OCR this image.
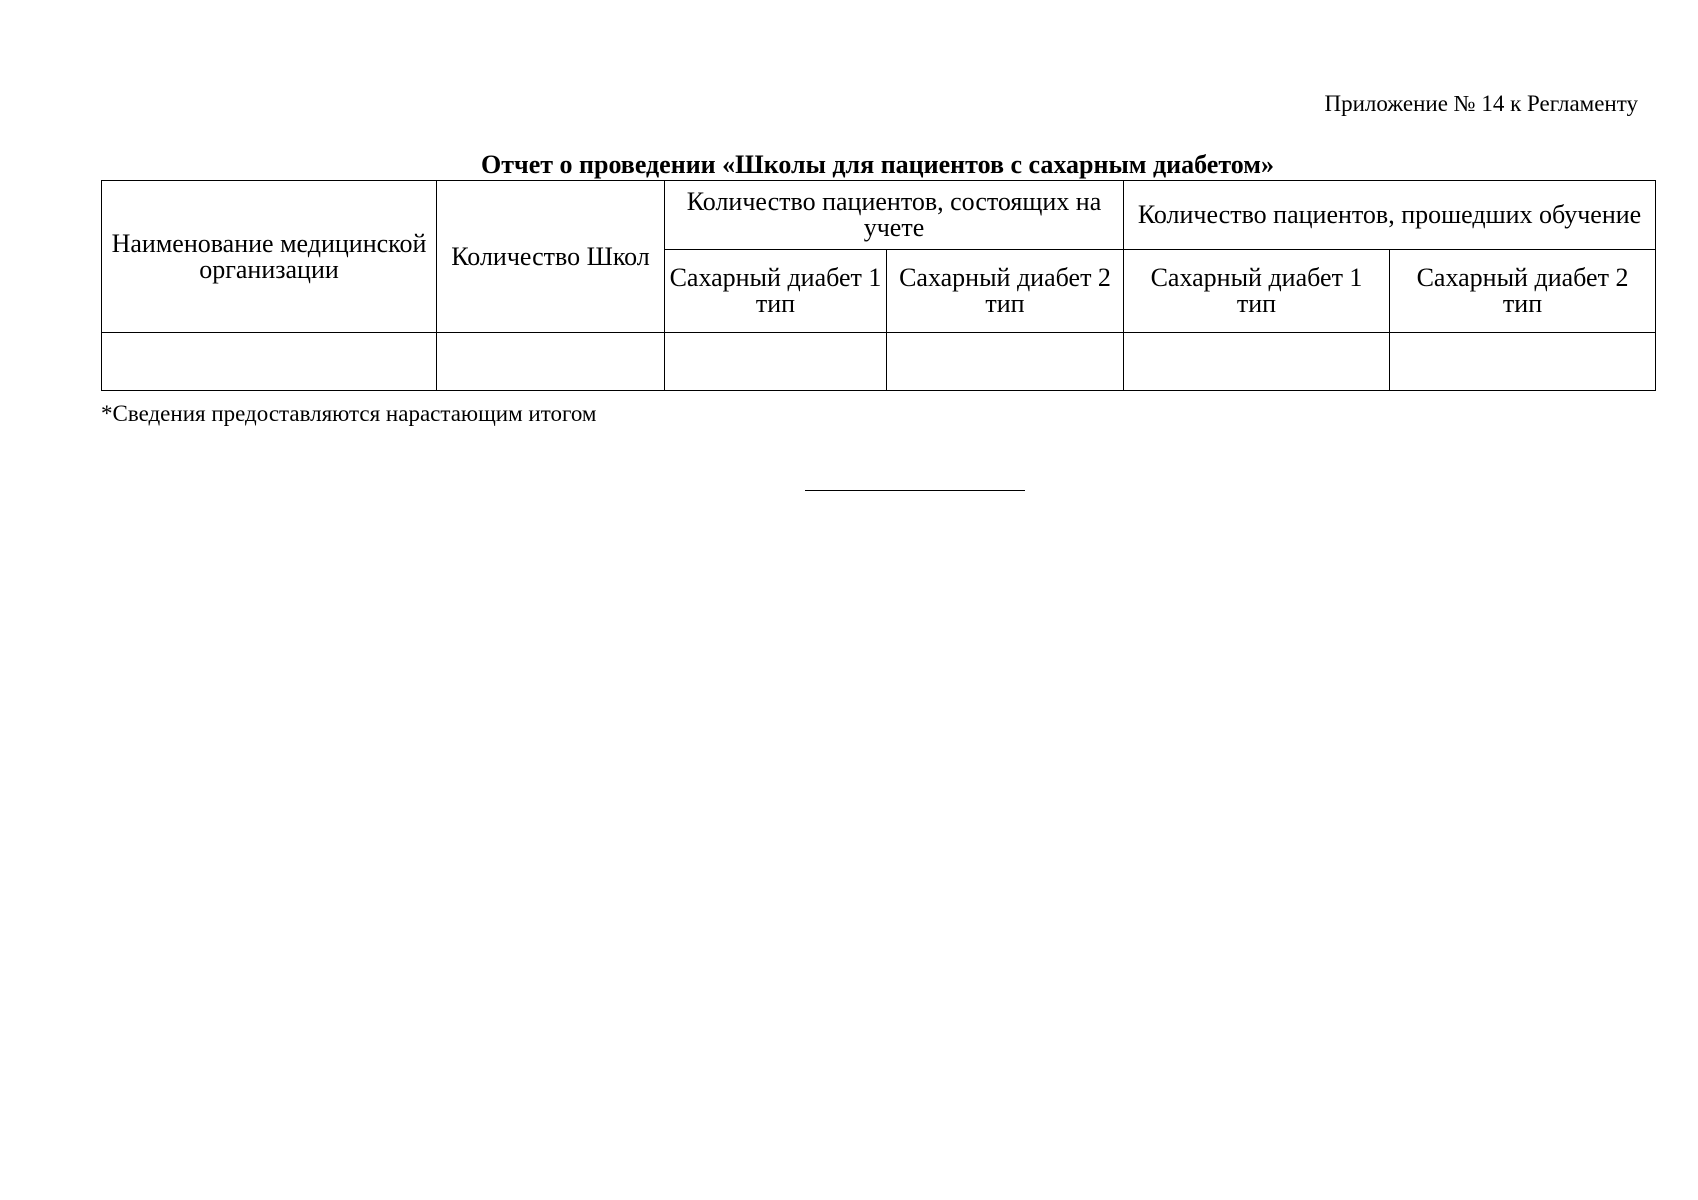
Приложение № 14 к Регламенту
Отчет о проведении «Школы для пациентов с сахарным диабетом»
Наименование медицинской организации	Количество Школ	Количество пациентов, состоящих на учете		Количество пациентов, прошедших обучение	
		Сахарный диабет 1 тип	Сахарный диабет 2 тип	Сахарный диабет 1 тип	Сахарный диабет 2 тип

*Сведения предоставляются нарастающим итогом
